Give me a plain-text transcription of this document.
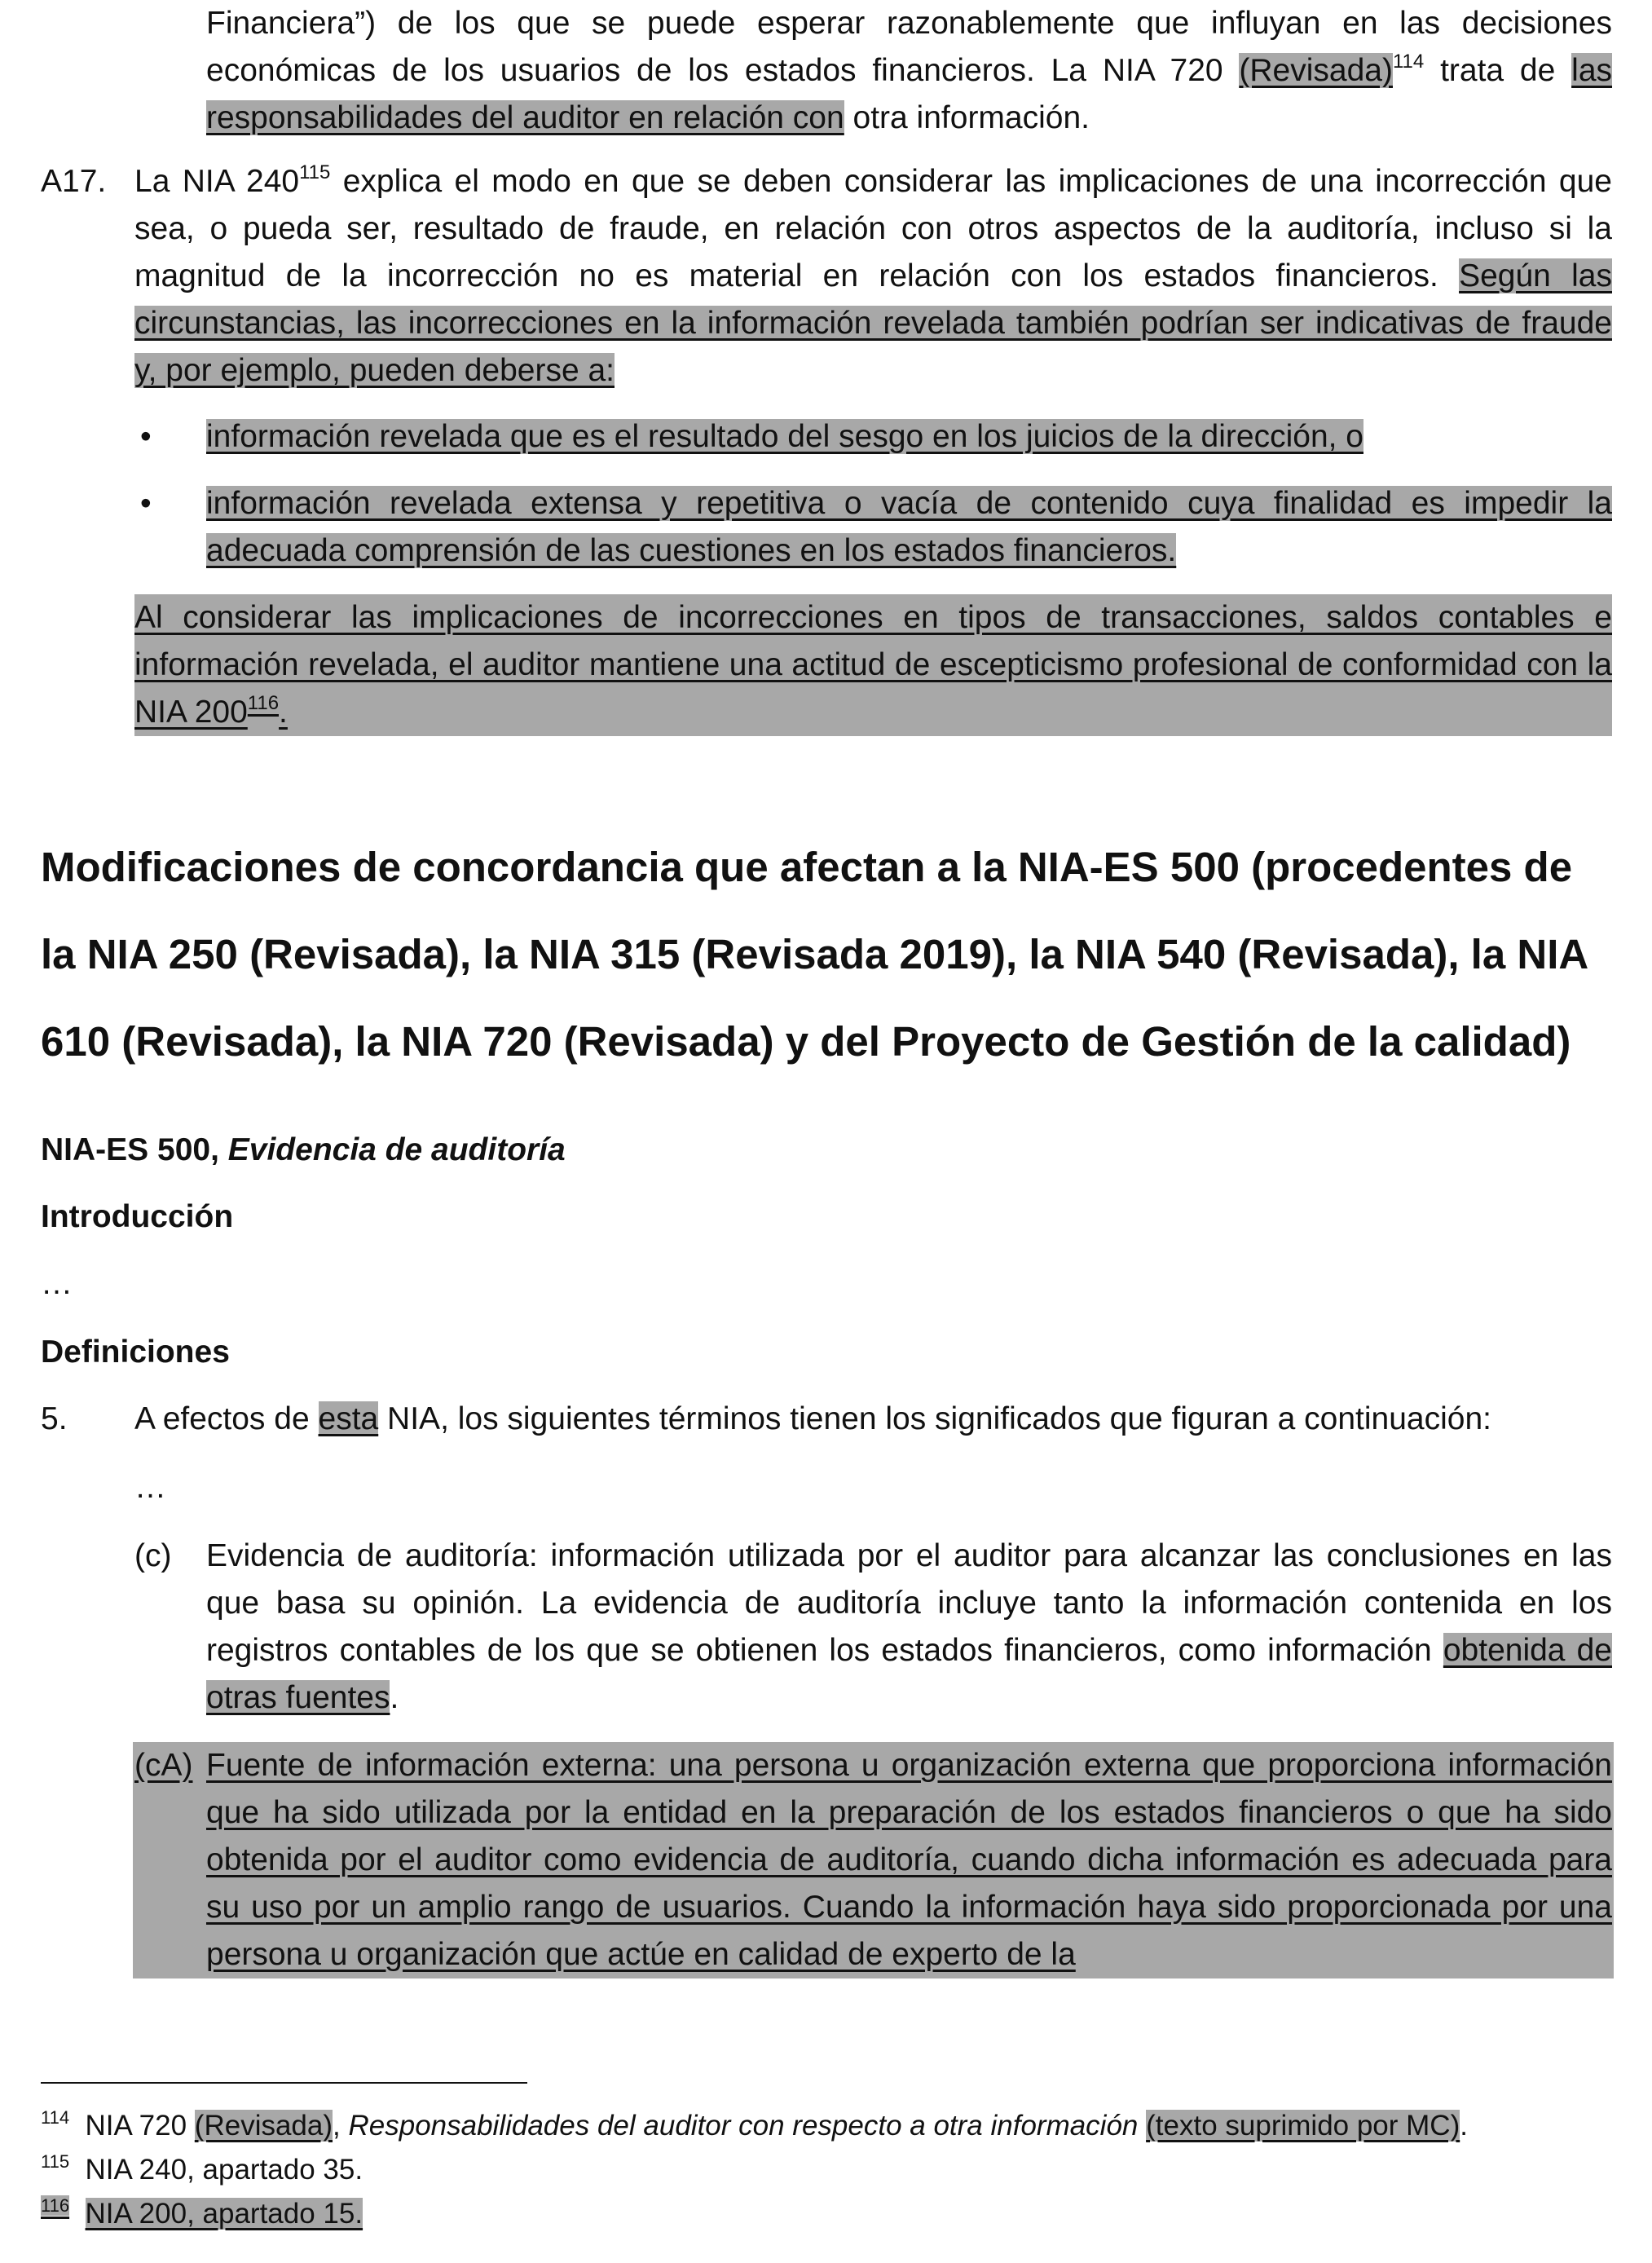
Financiera”) de los que se puede esperar razonablemente que influyan en las decisiones económicas de los usuarios de los estados financieros. La NIA 720 (Revisada)$^{114}$ trata de las responsabilidades del auditor en relación con otra información.

A17. La NIA $240^{115}$ explica el modo en que se deben considerar las implicaciones de una incorrección que sea, o pueda ser, resultado de fraude, en relación con otros aspectos de la auditoría, incluso si la magnitud de la incorrección no es material en relación con los estados financieros. Según las circunstancias, las incorrecciones en la información revelada también podrían ser indicativas de fraude y, por ejemplo, pueden deberse a:

• información revelada que es el resultado del sesgo en los juicios de la dirección, o

• información revelada extensa y repetitiva o vacía de contenido cuya finalidad es impedir la adecuada comprensión de las cuestiones en los estados financieros.

Al considerar las implicaciones de incorrecciones en tipos de transacciones, saldos contables e información revelada, el auditor mantiene una actitud de escepticismo profesional de conformidad con la NIA $200^{116}$.

Modificaciones de concordancia que afectan a la NIA-ES 500 (procedentes de la NIA 250 (Revisada), la NIA 315 (Revisada 2019), la NIA 540 (Revisada), la NIA 610 (Revisada), la NIA 720 (Revisada) y del Proyecto de Gestión de la calidad)

NIA-ES 500, Evidencia de auditoría

Introducción

…

Definiciones

5. A efectos de esta NIA, los siguientes términos tienen los significados que figuran a continuación:

…

(c) Evidencia de auditoría: información utilizada por el auditor para alcanzar las conclusiones en las que basa su opinión. La evidencia de auditoría incluye tanto la información contenida en los registros contables de los que se obtienen los estados financieros, como información obtenida de otras fuentes.

(cA) Fuente de información externa: una persona u organización externa que proporciona información que ha sido utilizada por la entidad en la preparación de los estados financieros o que ha sido obtenida por el auditor como evidencia de auditoría, cuando dicha información es adecuada para su uso por un amplio rango de usuarios. Cuando la información haya sido proporcionada por una persona u organización que actúe en calidad de experto de la

$^{114}$ NIA 720 (Revisada), Responsabilidades del auditor con respecto a otra información (texto suprimido por MC).

$^{115}$ NIA 240, apartado 35.

$^{116}$ NIA 200, apartado 15.
